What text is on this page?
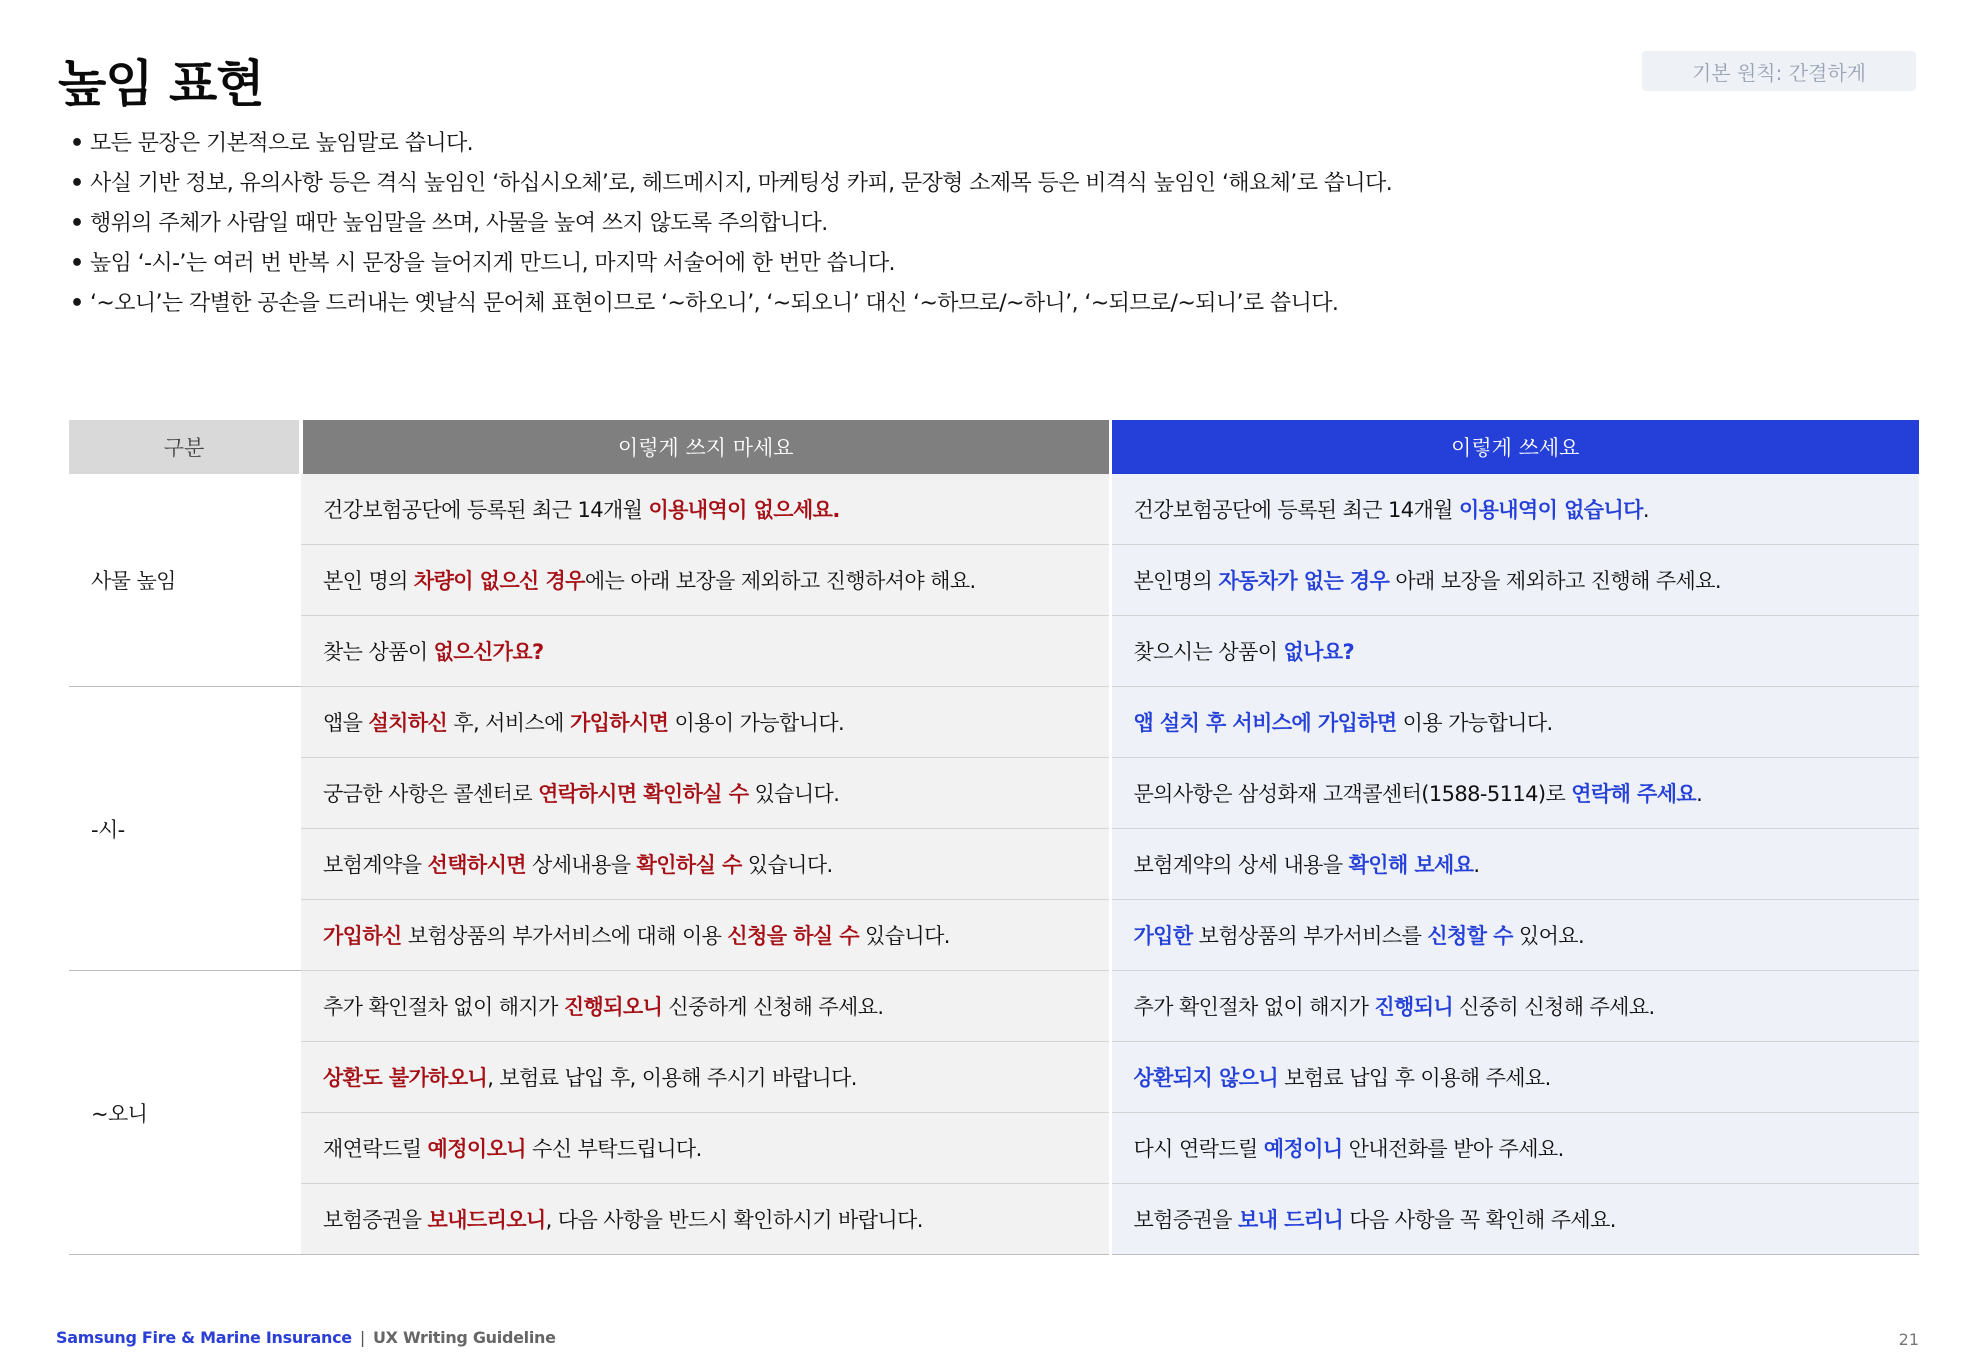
높임 표현	기본 원칙: 간결하게
• 모든 문장은 기본적으로 높임말로 씁니다.
• 사실 기반 정보, 유의사항 등은 격식 높임인 ‘하십시오체’로, 헤드메시지, 마케팅성 카피, 문장형 소제목 등은 비격식 높임인 ‘해요체’로 씁니다.
• 행위의 주체가 사람일 때만 높임말을 쓰며, 사물을 높여 쓰지 않도록 주의합니다.
• 높임 ‘-시-’는 여러 번 반복 시 문장을 늘어지게 만드니, 마지막 서술어에 한 번만 씁니다.
• ‘~오니’는 각별한 공손을 드러내는 옛날식 문어체 표현이므로 ‘~하오니’, ‘~되오니’ 대신 ‘~하므로/~하니’, ‘~되므로/~되니’로 씁니다.
구분	이렇게 쓰지 마세요	이렇게 쓰세요
사물 높임	건강보험공단에 등록된 최근 14개월 이용내역이 없으세요.	건강보험공단에 등록된 최근 14개월 이용내역이 없습니다.
	본인 명의 차량이 없으신 경우에는 아래 보장을 제외하고 진행하셔야 해요.	본인명의 자동차가 없는 경우 아래 보장을 제외하고 진행해 주세요.
	찾는 상품이 없으신가요?	찾으시는 상품이 없나요?
-시-	앱을 설치하신 후, 서비스에 가입하시면 이용이 가능합니다.	앱 설치 후 서비스에 가입하면 이용 가능합니다.
	궁금한 사항은 콜센터로 연락하시면 확인하실 수 있습니다.	문의사항은 삼성화재 고객콜센터(1588-5114)로 연락해 주세요.
	보험계약을 선택하시면 상세내용을 확인하실 수 있습니다.	보험계약의 상세 내용을 확인해 보세요.
	가입하신 보험상품의 부가서비스에 대해 이용 신청을 하실 수 있습니다.	가입한 보험상품의 부가서비스를 신청할 수 있어요.
~오니	추가 확인절차 없이 해지가 진행되오니 신중하게 신청해 주세요.	추가 확인절차 없이 해지가 진행되니 신중히 신청해 주세요.
	상환도 불가하오니, 보험료 납입 후, 이용해 주시기 바랍니다.	상환되지 않으니 보험료 납입 후 이용해 주세요.
	재연락드릴 예정이오니 수신 부탁드립니다.	다시 연락드릴 예정이니 안내전화를 받아 주세요.
	보험증권을 보내드리오니, 다음 사항을 반드시 확인하시기 바랍니다.	보험증권을 보내 드리니 다음 사항을 꼭 확인해 주세요.
Samsung Fire & Marine Insurance | UX Writing Guideline	21
